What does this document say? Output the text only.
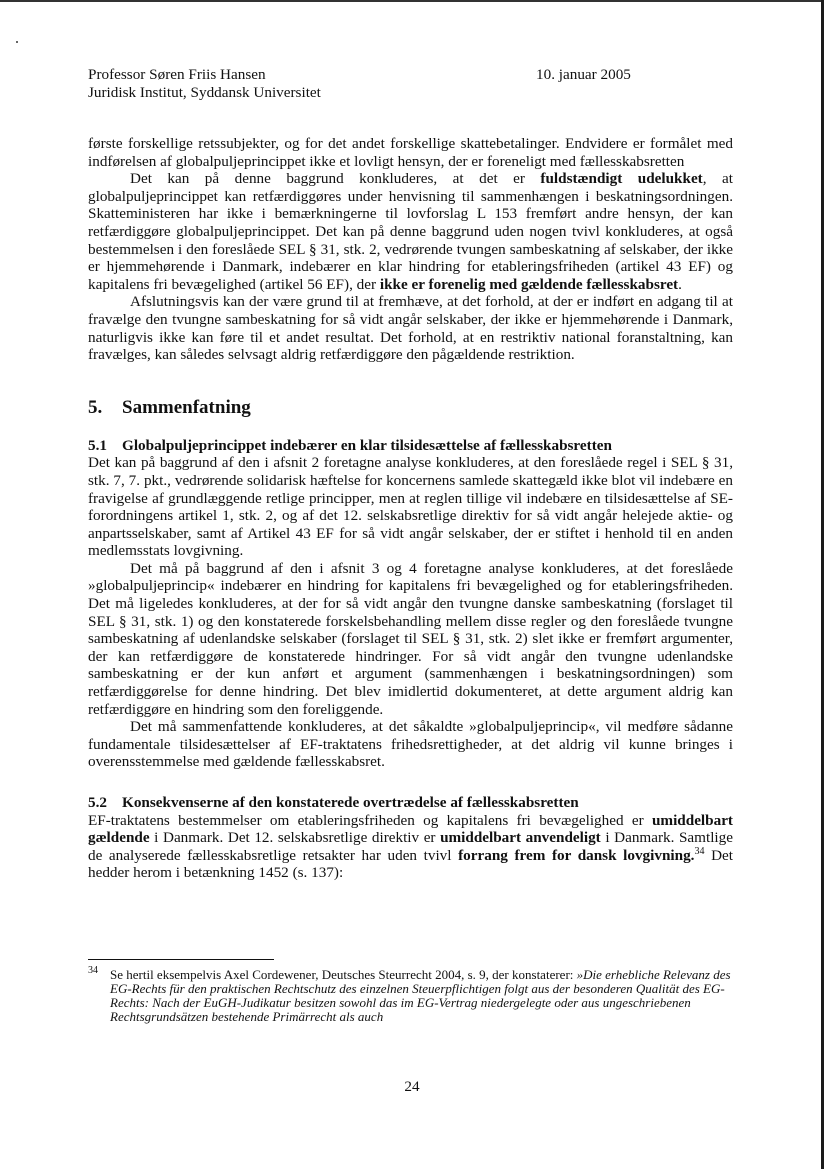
Professor Søren Friis Hansen
Juridisk Institut, Syddansk Universitet
10. januar 2005

første forskellige retssubjekter, og for det andet forskellige skattebetalinger. Endvidere er formålet med indførelsen af globalpuljeprincippet ikke et lovligt hensyn, der er foreneligt med fællesskabsretten

Det kan på denne baggrund konkluderes, at det er fuldstændigt udelukket, at globalpuljeprincippet kan retfærdiggøres under henvisning til sammenhængen i beskatningsordningen. Skatteministeren har ikke i bemærkningerne til lovforslag L 153 fremført andre hensyn, der kan retfærdiggøre globalpuljeprincippet. Det kan på denne baggrund uden nogen tvivl konkluderes, at også bestemmelsen i den foreslåede SEL § 31, stk. 2, vedrørende tvungen sambeskatning af selskaber, der ikke er hjemmehørende i Danmark, indebærer en klar hindring for etableringsfriheden (artikel 43 EF) og kapitalens fri bevægelighed (artikel 56 EF), der ikke er forenelig med gældende fællesskabsret.

Afslutningsvis kan der være grund til at fremhæve, at det forhold, at der er indført en adgang til at fravælge den tvungne sambeskatning for så vidt angår selskaber, der ikke er hjemmehørende i Danmark, naturligvis ikke kan føre til et andet resultat. Det forhold, at en restriktiv national foranstaltning, kan fravælges, kan således selvsagt aldrig retfærdiggøre den pågældende restriktion.

5. Sammenfatning
5.1 Globalpuljeprincippet indebærer en klar tilsidesættelse af fællesskabsretten

Det kan på baggrund af den i afsnit 2 foretagne analyse konkluderes, at den foreslåede regel i SEL § 31, stk. 7, 7. pkt., vedrørende solidarisk hæftelse for koncernens samlede skattegæld ikke blot vil indebære en fravigelse af grundlæggende retlige principper, men at reglen tillige vil indebære en tilsidesættelse af SE-forordningens artikel 1, stk. 2, og af det 12. selskabsretlige direktiv for så vidt angår helejede aktie- og anpartsselskaber, samt af Artikel 43 EF for så vidt angår selskaber, der er stiftet i henhold til en anden medlemsstats lovgivning.

Det må på baggrund af den i afsnit 3 og 4 foretagne analyse konkluderes, at det foreslåede »globalpuljeprincip« indebærer en hindring for kapitalens fri bevægelighed og for etableringsfriheden. Det må ligeledes konkluderes, at der for så vidt angår den tvungne danske sambeskatning (forslaget til SEL § 31, stk. 1) og den konstaterede forskelsbehandling mellem disse regler og den foreslåede tvungne sambeskatning af udenlandske selskaber (forslaget til SEL § 31, stk. 2) slet ikke er fremført argumenter, der kan retfærdiggøre de konstaterede hindringer. For så vidt angår den tvungne udenlandske sambeskatning er der kun anført et argument (sammenhængen i beskatningsordningen) som retfærdiggørelse for denne hindring. Det blev imidlertid dokumenteret, at dette argument aldrig kan retfærdiggøre en hindring som den foreliggende.

Det må sammenfattende konkluderes, at det såkaldte »globalpuljeprincip«, vil medføre sådanne fundamentale tilsidesættelser af EF-traktatens frihedsrettigheder, at det aldrig vil kunne bringes i overensstemmelse med gældende fællesskabsret.

5.2 Konsekvenserne af den konstaterede overtrædelse af fællesskabsretten

EF-traktatens bestemmelser om etableringsfriheden og kapitalens fri bevægelighed er umiddelbart gældende i Danmark. Det 12. selskabsretlige direktiv er umiddelbart anvendeligt i Danmark. Samtlige de analyserede fællesskabsretlige retsakter har uden tvivl forrang frem for dansk lovgivning.$^{34}$ Det hedder herom i betænkning 1452 (s. 137):

34 Se hertil eksempelvis Axel Cordewener, Deutsches Steurrecht 2004, s. 9, der konstaterer: »Die erhebliche Relevanz des EG-Rechts für den praktischen Rechtschutz des einzelnen Steuerpflichtigen folgt aus der besonderen Qualität des EG-Rechts: Nach der EuGH-Judikatur besitzen sowohl das im EG-Vertrag niedergelegte oder aus ungeschriebenen Rechtsgrundsätzen bestehende Primärrecht als auch
24
